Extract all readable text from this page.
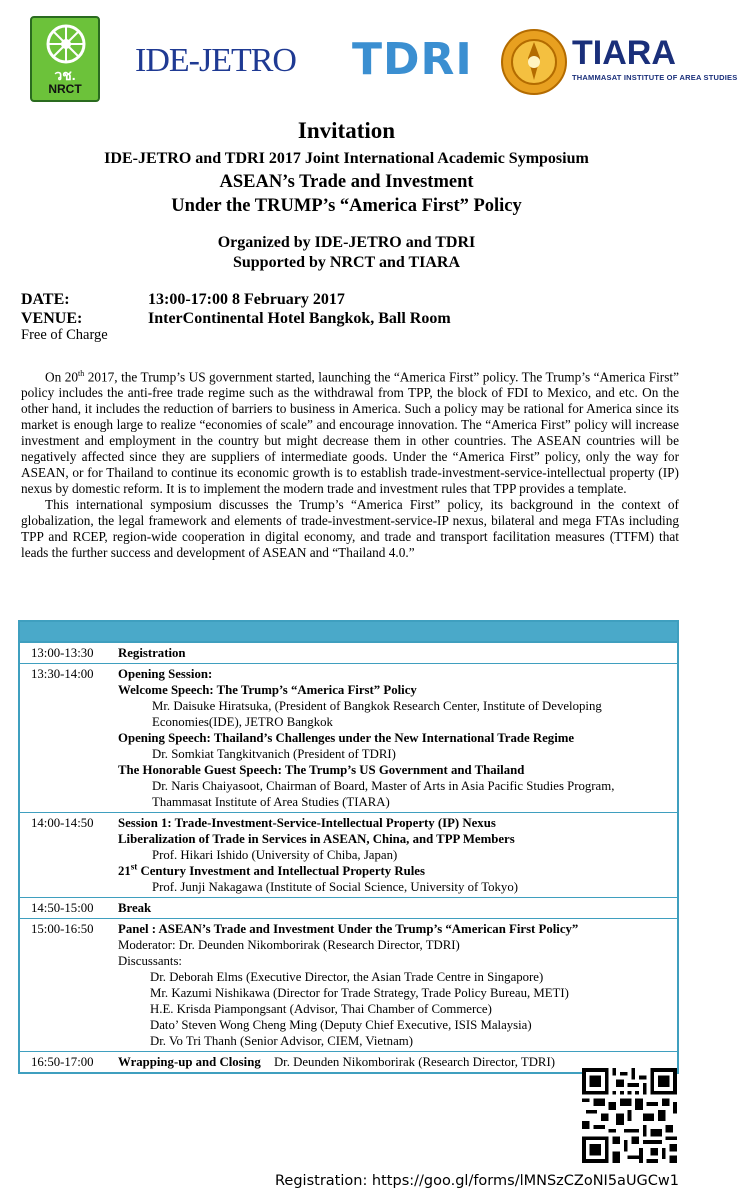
วช.
NRCT
IDE-JETRO TDRI	TIARA
THAMMASAT INSTITUTE OF AREA STUDIES
Invitation
IDE-JETRO and TDRI 2017 Joint International Academic Symposium
ASEAN’s Trade and Investment
Under the TRUMP’s “America First” Policy
Organized by IDE-JETRO and TDRI
Supported by NRCT and TIARA
DATE:	13:00-17:00 8 February 2017
VENUE:	InterContinental Hotel Bangkok, Ball Room
Free of Charge

On 20th 2017, the Trump’s US government started, launching the “America First” policy. The Trump’s “America First” policy includes the anti-free trade regime such as the withdrawal from TPP, the block of FDI to Mexico, and etc. On the other hand, it includes the reduction of barriers to business in America. Such a policy may be rational for America since its market is enough large to realize “economies of scale” and encourage innovation. The “America First” policy will increase investment and employment in the country but might decrease them in other countries. The ASEAN countries will be negatively affected since they are suppliers of intermediate goods. Under the “America First” policy, only the way for ASEAN, or for Thailand to continue its economic growth is to establish trade-investment-service-intellectual property (IP) nexus by domestic reform. It is to implement the modern trade and investment rules that TPP provides a template.

This international symposium discusses the Trump’s “America First” policy, its background in the context of globalization, the legal framework and elements of trade-investment-service-IP nexus, bilateral and mega FTAs including TPP and RCEP, region-wide cooperation in digital economy, and trade and transport facilitation measures (TTFM) that leads the further success and development of ASEAN and “Thailand 4.0.”

13:00-13:30	Registration
13:30-14:00	Opening Session:
Welcome Speech: The Trump’s “America First” Policy
Mr. Daisuke Hiratsuka, (President of Bangkok Research Center, Institute of Developing Economies(IDE), JETRO Bangkok
Opening Speech: Thailand’s Challenges under the New International Trade Regime
Dr. Somkiat Tangkitvanich (President of TDRI)
The Honorable Guest Speech: The Trump’s US Government and Thailand
Dr. Naris Chaiyasoot, Chairman of Board, Master of Arts in Asia Pacific Studies Program, Thammasat Institute of Area Studies (TIARA)
14:00-14:50	Session 1: Trade-Investment-Service-Intellectual Property (IP) Nexus
Liberalization of Trade in Services in ASEAN, China, and TPP Members
Prof. Hikari Ishido (University of Chiba, Japan)
21st Century Investment and Intellectual Property Rules
Prof. Junji Nakagawa (Institute of Social Science, University of Tokyo)
14:50-15:00	Break
15:00-16:50	Panel : ASEAN’s Trade and Investment Under the Trump’s “American First Policy”
Moderator: Dr. Deunden Nikomborirak (Research Director, TDRI)
Discussants:
Dr. Deborah Elms (Executive Director, the Asian Trade Centre in Singapore)
Mr. Kazumi Nishikawa (Director for Trade Strategy, Trade Policy Bureau, METI)
H.E. Krisda Piampongsant (Advisor, Thai Chamber of Commerce)
Dato’ Steven Wong Cheng Ming (Deputy Chief Executive, ISIS Malaysia)
Dr. Vo Tri Thanh (Senior Advisor, CIEM, Vietnam)
16:50-17:00	Wrapping-up and Closing Dr. Deunden Nikomborirak (Research Director, TDRI)
Registration: https://goo.gl/forms/lMNSzCZoNI5aUGCw1
